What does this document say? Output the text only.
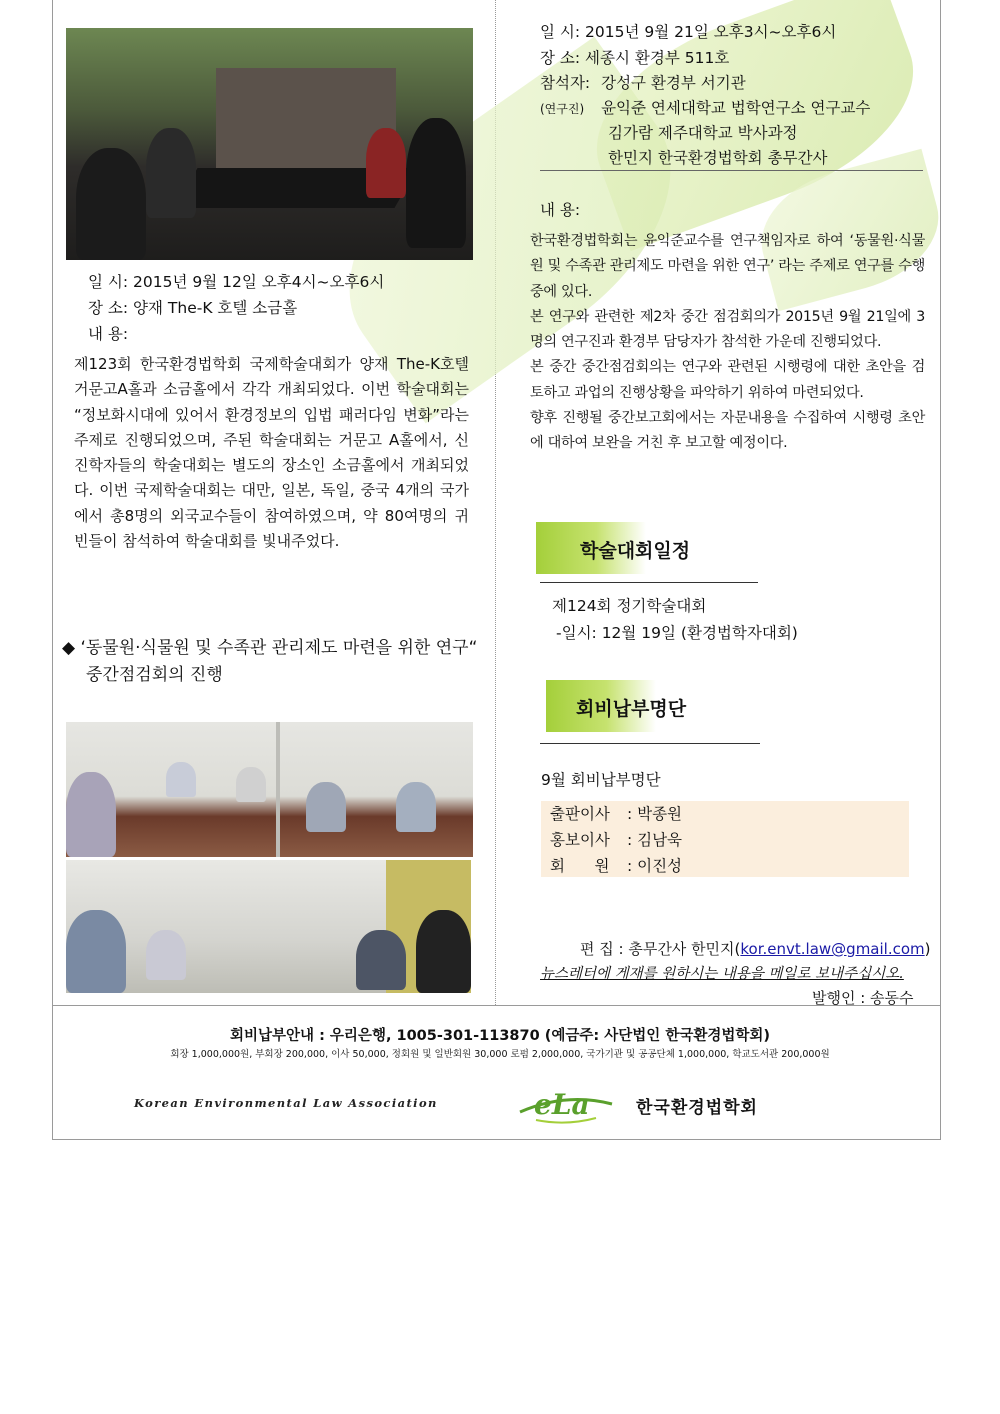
일 시: 2015년 9월 12일 오후4시~오후6시
장 소: 양재 The-K 호텔 소금홀
내 용:
제123회 한국환경법학회 국제학술대회가 양재 The-K호텔 거문고A홀과 소금홀에서 각각 개최되었다. 이번 학술대회는 “정보화시대에 있어서 환경정보의 입법 패러다임 변화”라는 주제로 진행되었으며, 주된 학술대회는 거문고 A홀에서, 신진학자들의 학술대회는 별도의 장소인 소금홀에서 개최되었다. 이번 국제학술대회는 대만, 일본, 독일, 중국 4개의 국가에서 총8명의 외국교수들이 참여하였으며, 약 80여명의 귀빈들이 참석하여 학술대회를 빛내주었다.
◆ ‘동물원·식물원 및 수족관 관리제도 마련을 위한 연구“
중간점검회의 진행
일 시: 2015년 9월 21일 오후3시~오후6시
장 소: 세종시 환경부 511호
참석자: 강성구 환경부 서기관
(연구진) 윤익준 연세대학교 법학연구소 연구교수
김가람 제주대학교 박사과정
한민지 한국환경법학회 총무간사
내 용:
한국환경법학회는 윤익준교수를 연구책임자로 하여 ‘동물원·식물원 및 수족관 관리제도 마련을 위한 연구’ 라는 주제로 연구를 수행 중에 있다.
본 연구와 관련한 제2차 중간 점검회의가 2015년 9월 21일에 3명의 연구진과 환경부 담당자가 참석한 가운데 진행되었다.
본 중간 중간점검회의는 연구와 관련된 시행령에 대한 초안을 검토하고 과업의 진행상황을 파악하기 위하여 마련되었다.
향후 진행될 중간보고회에서는 자문내용을 수집하여 시행령 초안에 대하여 보완을 거친 후 보고할 예정이다.
학술대회일정
제124회 정기학술대회
-일시: 12월 19일 (환경법학자대회)
회비납부명단
9월 회비납부명단
출판이사 : 박종원
홍보이사 : 김남욱
회      원 : 이진성
편 집 : 총무간사 한민지(kor.envt.law@gmail.com)
뉴스레터에 게재를 원하시는 내용을 메일로 보내주십시오.
발행인 : 송동수
회비납부안내 : 우리은행, 1005-301-113870 (예금주: 사단법인 한국환경법학회)
회장 1,000,000원, 부회장 200,000, 이사 50,000, 정회원 및 일반회원 30,000 로펌 2,000,000, 국가기관 및 공공단체 1,000,000, 학교도서관 200,000원
Korean Environmental Law Association	eLa	한국환경법학회
